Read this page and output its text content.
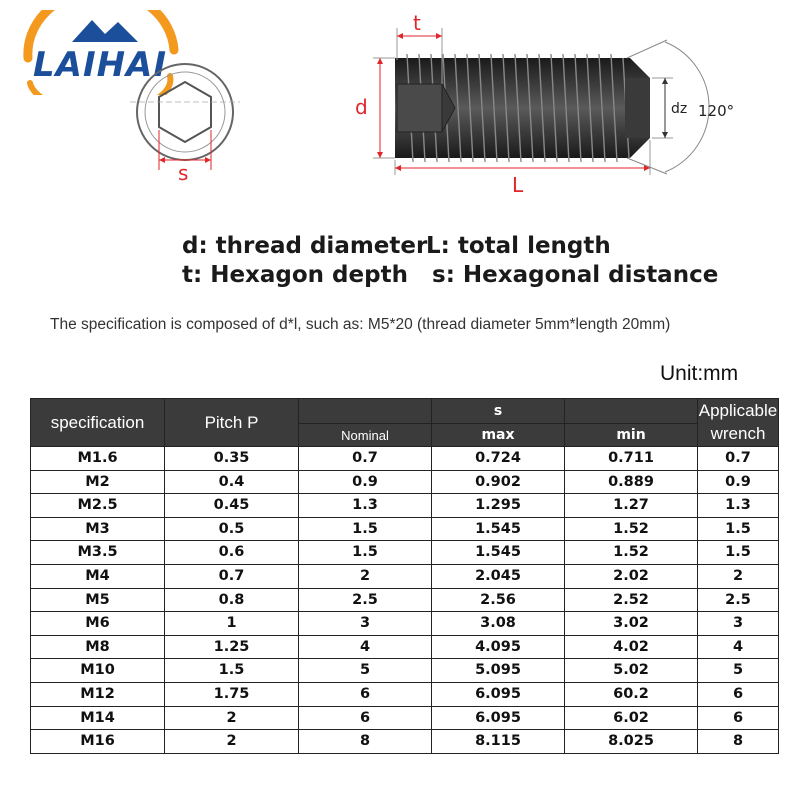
LAIHAI
s
t
d
L
dz 120°
d: thread diameter
L: total length
t: Hexagon depth s: Hexagonal distance
The specification is composed of d*l, such as: M5*20 (thread diameter 5mm*length 20mm)
Unit:mm
specification	Pitch P		s		Applicable wrench
		Nominal	max	min	
M1.6	0.35	0.7	0.724	0.711	0.7
M2	0.4	0.9	0.902	0.889	0.9
M2.5	0.45	1.3	1.295	1.27	1.3
M3	0.5	1.5	1.545	1.52	1.5
M3.5	0.6	1.5	1.545	1.52	1.5
M4	0.7	2	2.045	2.02	2
M5	0.8	2.5	2.56	2.52	2.5
M6	1	3	3.08	3.02	3
M8	1.25	4	4.095	4.02	4
M10	1.5	5	5.095	5.02	5
M12	1.75	6	6.095	60.2	6
M14	2	6	6.095	6.02	6
M16	2	8	8.115	8.025	8
